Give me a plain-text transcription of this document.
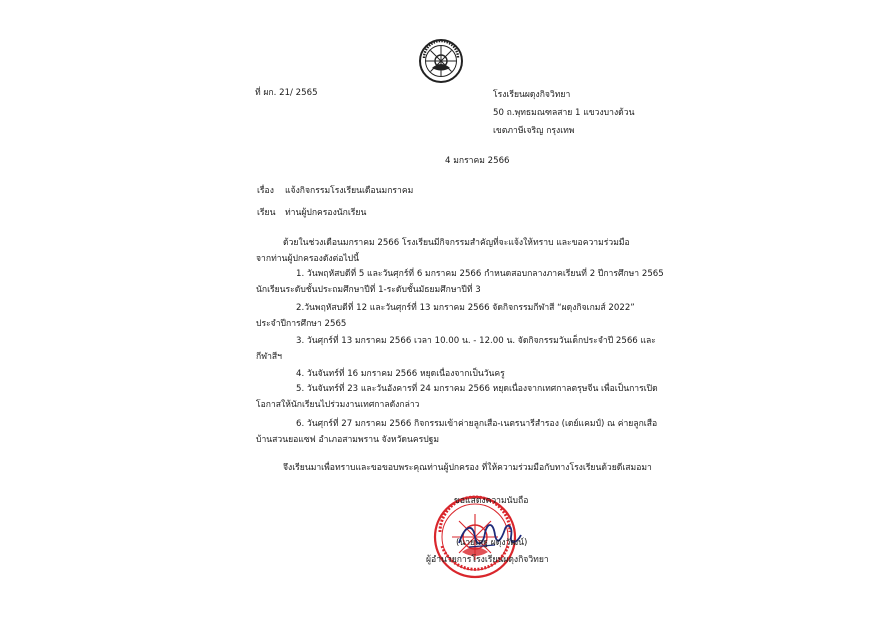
ที่ ผก. 21/ 2565	โรงเรียนผดุงกิจวิทยา
50 ถ.พุทธมณฑลสาย 1 แขวงบางด้วน
เขตภาษีเจริญ กรุงเทพ
4 มกราคม 2566
เรื่อง แจ้งกิจกรรมโรงเรียนเดือนมกราคม
เรียน ท่านผู้ปกครองนักเรียน
ด้วยในช่วงเดือนมกราคม 2566 โรงเรียนมีกิจกรรมสำคัญที่จะแจ้งให้ทราบ และขอความร่วมมือ
จากท่านผู้ปกครองดังต่อไปนี้
1. วันพฤหัสบดีที่ 5 และวันศุกร์ที่ 6 มกราคม 2566 กำหนดสอบกลางภาคเรียนที่ 2 ปีการศึกษา 2565
นักเรียนระดับชั้นประถมศึกษาปีที่ 1-ระดับชั้นมัธยมศึกษาปีที่ 3
2.วันพฤหัสบดีที่ 12 และวันศุกร์ที่ 13 มกราคม 2566 จัดกิจกรรมกีฬาสี “ผดุงกิจเกมส์ 2022”
ประจำปีการศึกษา 2565
3. วันศุกร์ที่ 13 มกราคม 2566 เวลา 10.00 น. - 12.00 น. จัดกิจกรรมวันเด็กประจำปี 2566 และ
กีฬาสีฯ
4. วันจันทร์ที่ 16 มกราคม 2566 หยุดเนื่องจากเป็นวันครู
5. วันจันทร์ที่ 23 และวันอังคารที่ 24 มกราคม 2566 หยุดเนื่องจากเทศกาลตรุษจีน เพื่อเป็นการเปิด
โอกาสให้นักเรียนไปร่วมงานเทศกาลดังกล่าว
6. วันศุกร์ที่ 27 มกราคม 2566 กิจกรรมเข้าค่ายลูกเสือ-เนตรนารีสำรอง (เดย์แคมป์) ณ ค่ายลูกเสือ
บ้านสวนยอแซฟ อำเภอสามพราน จังหวัดนครปฐม
จึงเรียนมาเพื่อทราบและขอขอบพระคุณท่านผู้ปกครอง ที่ให้ความร่วมมือกับทางโรงเรียนด้วยดีเสมอมา
ขอแสดงความนับถือ
(นายเสฐ ผดุงวัฒน์)
ผู้อำนวยการโรงเรียนผดุงกิจวิทยา
